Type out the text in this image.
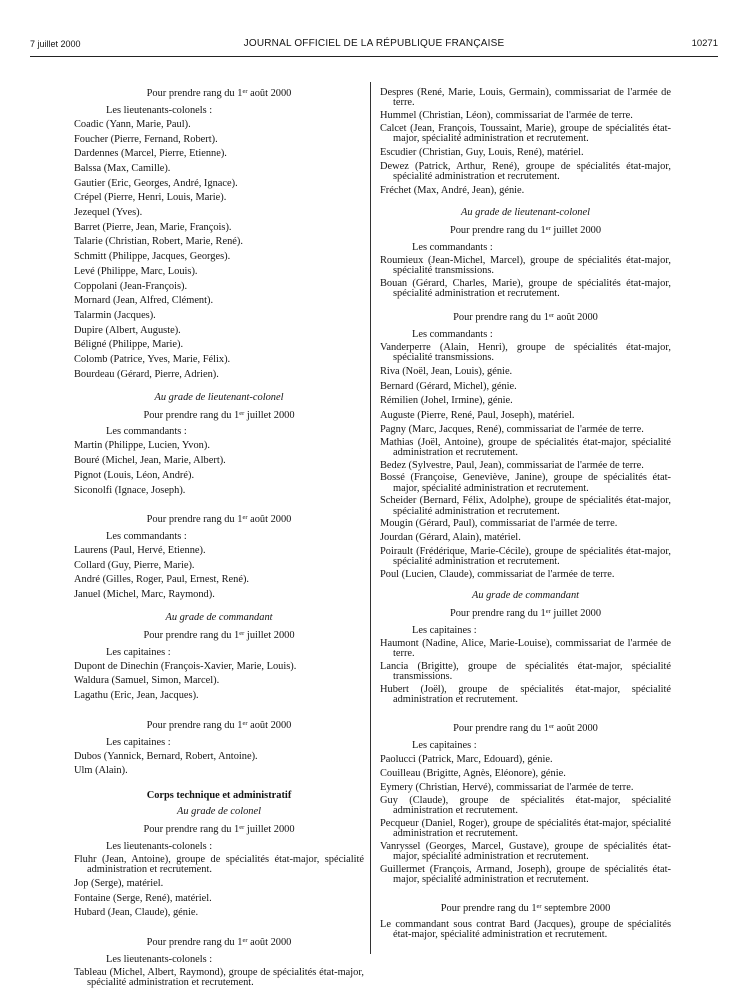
7 juillet 2000	JOURNAL OFFICIEL DE LA RÉPUBLIQUE FRANÇAISE	10271
Pour prendre rang du 1er août 2000
Les lieutenants-colonels :
Coadic (Yann, Marie, Paul).
Foucher (Pierre, Fernand, Robert).
Dardennes (Marcel, Pierre, Etienne).
Balssa (Max, Camille).
Gautier (Eric, Georges, André, Ignace).
Crépel (Pierre, Henri, Louis, Marie).
Jezequel (Yves).
Barret (Pierre, Jean, Marie, François).
Talarie (Christian, Robert, Marie, René).
Schmitt (Philippe, Jacques, Georges).
Levé (Philippe, Marc, Louis).
Coppolani (Jean-François).
Mornard (Jean, Alfred, Clément).
Talarmin (Jacques).
Dupire (Albert, Auguste).
Béligné (Philippe, Marie).
Colomb (Patrice, Yves, Marie, Félix).
Bourdeau (Gérard, Pierre, Adrien).
Au grade de lieutenant-colonel
Pour prendre rang du 1er juillet 2000
Les commandants :
Martin (Philippe, Lucien, Yvon).
Bouré (Michel, Jean, Marie, Albert).
Pignot (Louis, Léon, André).
Siconolfi (Ignace, Joseph).
Pour prendre rang du 1er août 2000
Les commandants :
Laurens (Paul, Hervé, Etienne).
Collard (Guy, Pierre, Marie).
André (Gilles, Roger, Paul, Ernest, René).
Januel (Michel, Marc, Raymond).
Au grade de commandant
Pour prendre rang du 1er juillet 2000
Les capitaines :
Dupont de Dinechin (François-Xavier, Marie, Louis).
Waldura (Samuel, Simon, Marcel).
Lagathu (Eric, Jean, Jacques).
Pour prendre rang du 1er août 2000
Les capitaines :
Dubos (Yannick, Bernard, Robert, Antoine).
Ulm (Alain).
Corps technique et administratif
Au grade de colonel
Pour prendre rang du 1er juillet 2000
Les lieutenants-colonels :
Fluhr (Jean, Antoine), groupe de spécialités état-major, spécialité administration et recrutement.
Jop (Serge), matériel.
Fontaine (Serge, René), matériel.
Hubard (Jean, Claude), génie.
Pour prendre rang du 1er août 2000
Les lieutenants-colonels :
Tableau (Michel, Albert, Raymond), groupe de spécialités état-major, spécialité administration et recrutement.
Despres (René, Marie, Louis, Germain), commissariat de l'armée de terre.
Hummel (Christian, Léon), commissariat de l'armée de terre.
Calcet (Jean, François, Toussaint, Marie), groupe de spécialités état-major, spécialité administration et recrutement.
Escudier (Christian, Guy, Louis, René), matériel.
Dewez (Patrick, Arthur, René), groupe de spécialités état-major, spécialité administration et recrutement.
Fréchet (Max, André, Jean), génie.
Au grade de lieutenant-colonel
Pour prendre rang du 1er juillet 2000
Les commandants :
Roumieux (Jean-Michel, Marcel), groupe de spécialités état-major, spécialité transmissions.
Bouan (Gérard, Charles, Marie), groupe de spécialités état-major, spécialité administration et recrutement.
Pour prendre rang du 1er août 2000
Les commandants :
Vanderperre (Alain, Henri), groupe de spécialités état-major, spécialité transmissions.
Riva (Noël, Jean, Louis), génie.
Bernard (Gérard, Michel), génie.
Rémilien (Johel, Irmine), génie.
Auguste (Pierre, René, Paul, Joseph), matériel.
Pagny (Marc, Jacques, René), commissariat de l'armée de terre.
Mathias (Joël, Antoine), groupe de spécialités état-major, spécialité administration et recrutement.
Bedez (Sylvestre, Paul, Jean), commissariat de l'armée de terre.
Bossé (Françoise, Geneviève, Janine), groupe de spécialités état-major, spécialité administration et recrutement.
Scheider (Bernard, Félix, Adolphe), groupe de spécialités état-major, spécialité administration et recrutement.
Mougin (Gérard, Paul), commissariat de l'armée de terre.
Jourdan (Gérard, Alain), matériel.
Poirault (Frédérique, Marie-Cécile), groupe de spécialités état-major, spécialité administration et recrutement.
Poul (Lucien, Claude), commissariat de l'armée de terre.
Au grade de commandant
Pour prendre rang du 1er juillet 2000
Les capitaines :
Haumont (Nadine, Alice, Marie-Louise), commissariat de l'armée de terre.
Lancia (Brigitte), groupe de spécialités état-major, spécialité transmissions.
Hubert (Joël), groupe de spécialités état-major, spécialité administration et recrutement.
Pour prendre rang du 1er août 2000
Les capitaines :
Paolucci (Patrick, Marc, Edouard), génie.
Couilleau (Brigitte, Agnès, Eléonore), génie.
Eymery (Christian, Hervé), commissariat de l'armée de terre.
Guy (Claude), groupe de spécialités état-major, spécialité administration et recrutement.
Pecqueur (Daniel, Roger), groupe de spécialités état-major, spécialité administration et recrutement.
Vanryssel (Georges, Marcel, Gustave), groupe de spécialités état-major, spécialité administration et recrutement.
Guillermet (François, Armand, Joseph), groupe de spécialités état-major, spécialité administration et recrutement.
Pour prendre rang du 1er septembre 2000
Le commandant sous contrat Bard (Jacques), groupe de spécialités état-major, spécialité administration et recrutement.
